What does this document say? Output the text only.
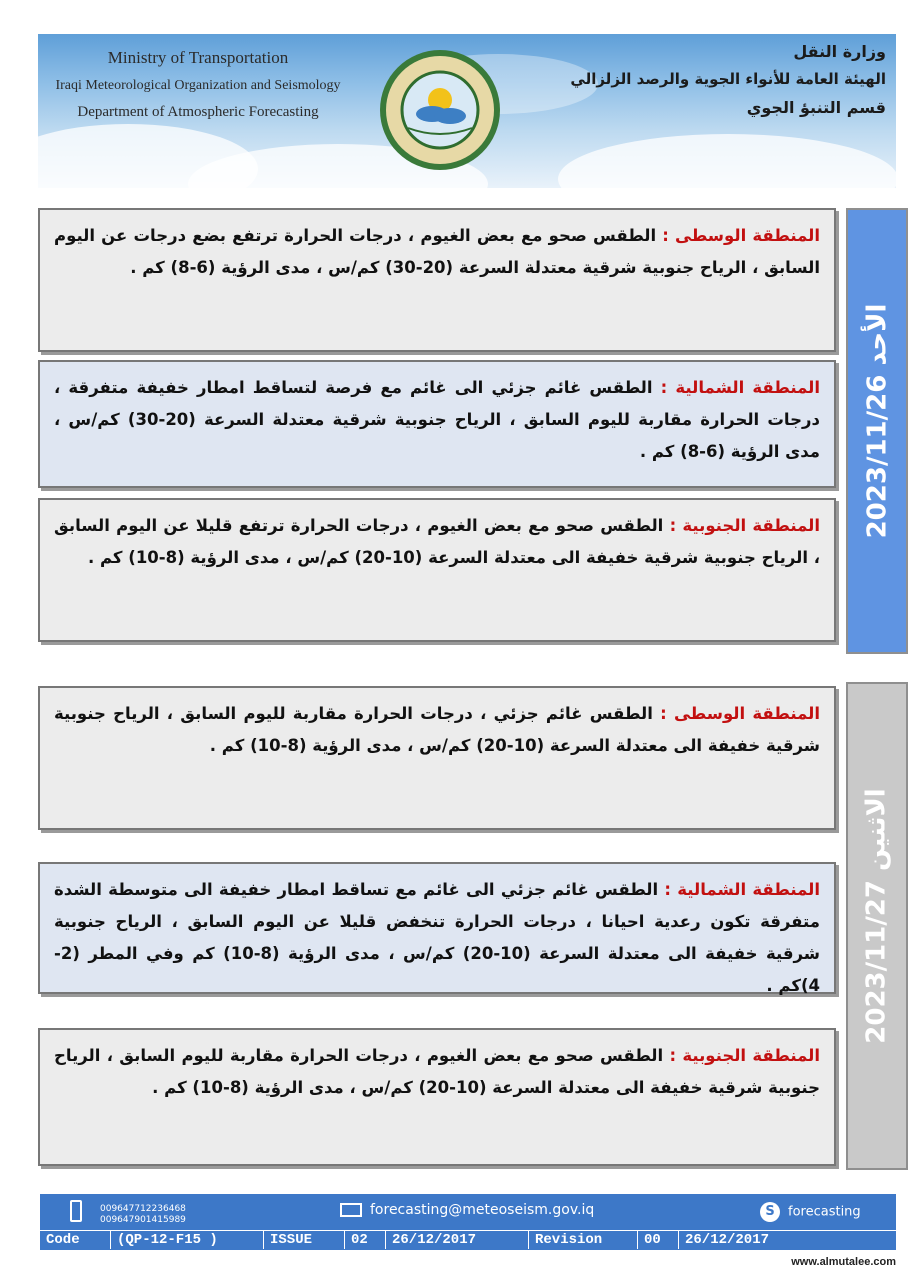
Ministry of Transportation
Iraqi Meteorological Organization and Seismology
Department of Atmospheric Forecasting
وزارة النقل
الهيئة العامة للأنواء الجوية والرصد الزلزالي
قسم التنبؤ الجوي
المنطقة الوسطى : الطقس صحو مع بعض الغيوم ، درجات الحرارة ترتفع بضع درجات عن اليوم السابق ، الرياح جنوبية شرقية معتدلة السرعة (20-30) كم/س ، مدى الرؤية (6-8) كم .
المنطقة الشمالية : الطقس غائم جزئي الى غائم مع فرصة لتساقط امطار خفيفة متفرقة ، درجات الحرارة مقاربة لليوم السابق ، الرياح جنوبية شرقية معتدلة السرعة (20-30) كم/س ، مدى الرؤية (6-8) كم .
المنطقة الجنوبية : الطقس صحو مع بعض الغيوم ، درجات الحرارة ترتفع قليلا عن اليوم السابق ، الرياح جنوبية شرقية خفيفة الى معتدلة السرعة (10-20) كم/س ، مدى الرؤية (8-10) كم .
الأحد 2023/11/26
المنطقة الوسطى : الطقس غائم جزئي ، درجات الحرارة مقاربة لليوم السابق ، الرياح جنوبية شرقية خفيفة الى معتدلة السرعة (10-20) كم/س ، مدى الرؤية (8-10) كم .
المنطقة الشمالية : الطقس غائم جزئي الى غائم مع تساقط امطار خفيفة الى متوسطة الشدة متفرقة تكون رعدية احيانا ، درجات الحرارة تنخفض قليلا عن اليوم السابق ، الرياح جنوبية شرقية خفيفة الى معتدلة السرعة (10-20) كم/س ، مدى الرؤية (8-10) كم وفي المطر (2-4)كم .
المنطقة الجنوبية : الطقس صحو مع بعض الغيوم ، درجات الحرارة مقاربة لليوم السابق ، الرياح جنوبية شرقية خفيفة الى معتدلة السرعة (10-20) كم/س ، مدى الرؤية (8-10) كم .
الاثنين 2023/11/27
009647712236468
009647901415989
forecasting@meteoseism.gov.iq	S forecasting
Code	(QP-12-F15 )	ISSUE	02	26/12/2017	Revision	00	26/12/2017
www.almutalee.com
